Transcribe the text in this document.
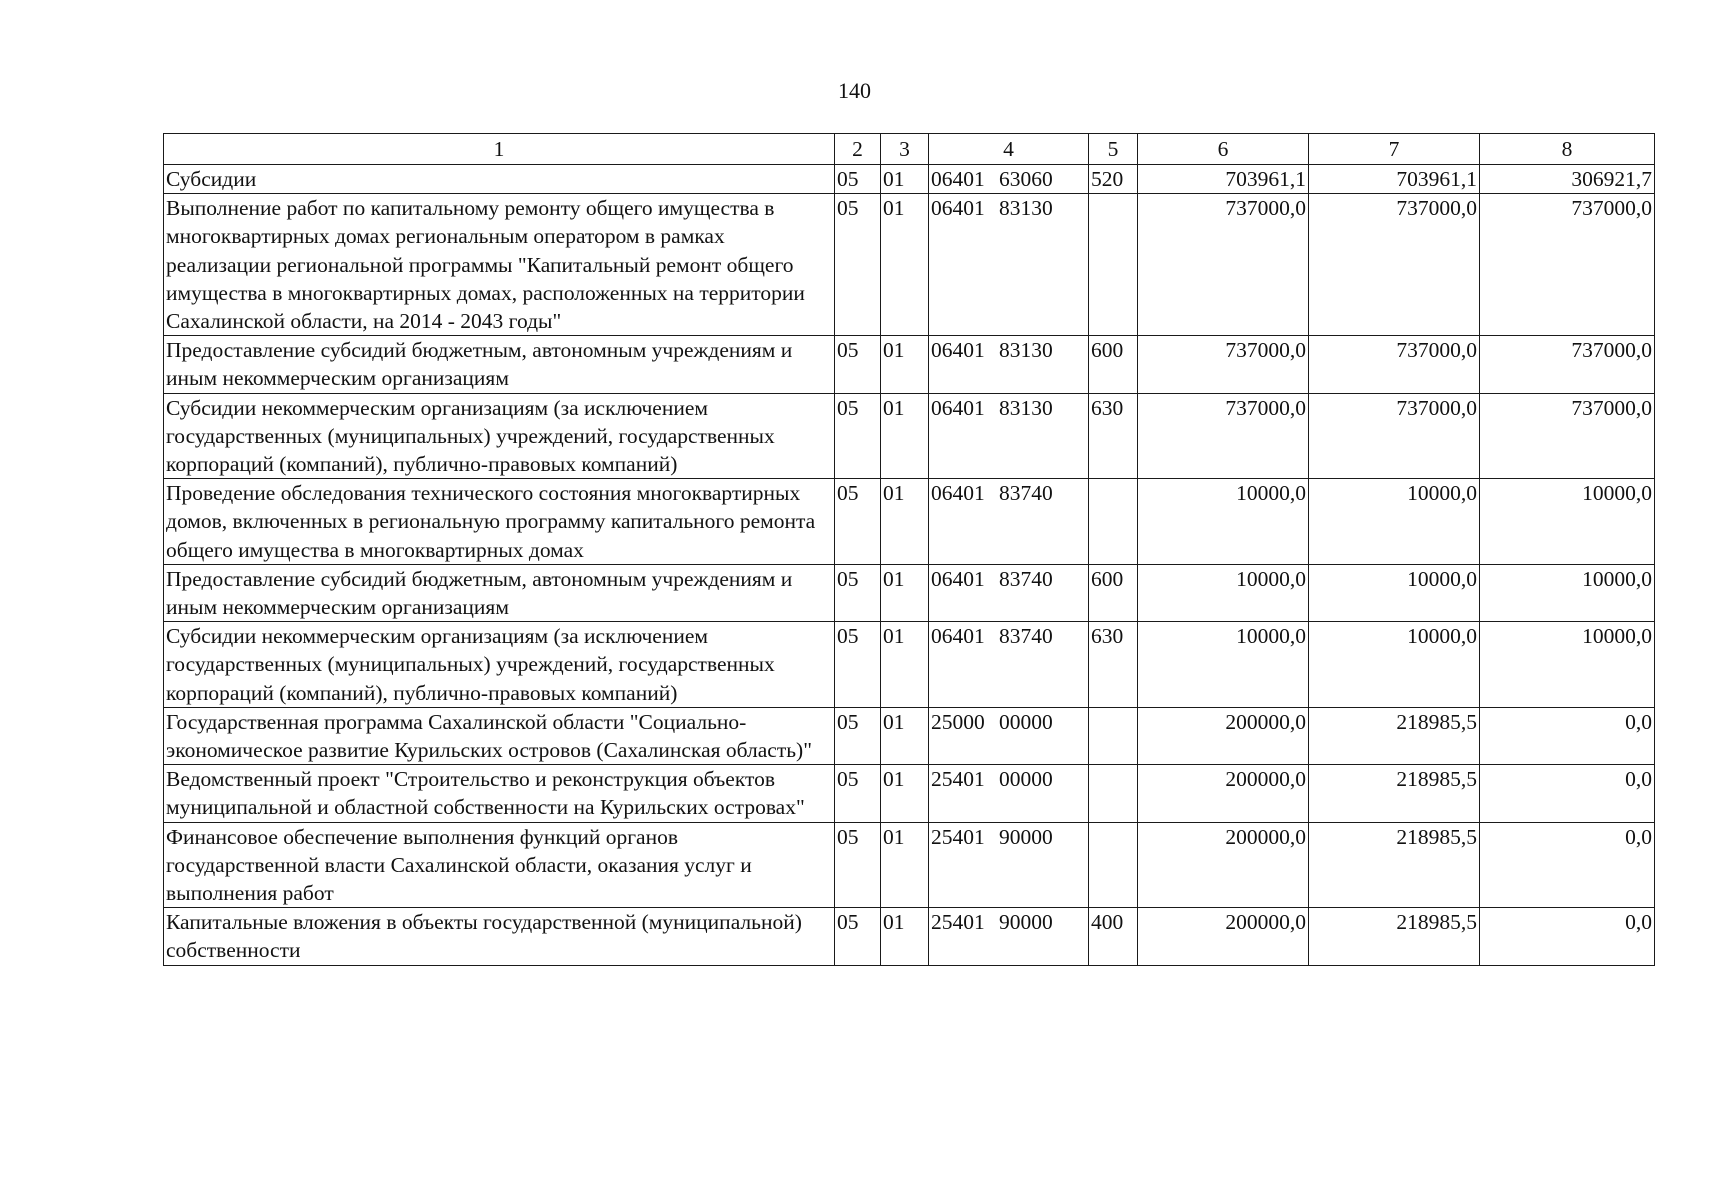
140
1	2	3	4	5	6	7	8
Субсидии	05	01	06401 63060	520	703961,1	703961,1	306921,7
Выполнение работ по капитальному ремонту общего имущества в многоквартирных домах региональным оператором в рамках реализации региональной программы "Капитальный ремонт общего имущества в многоквартирных домах, расположенных на территории Сахалинской области, на 2014 - 2043 годы"	05	01	06401 83130		737000,0	737000,0	737000,0
Предоставление субсидий бюджетным, автономным учреждениям и иным некоммерческим организациям	05	01	06401 83130	600	737000,0	737000,0	737000,0
Субсидии некоммерческим организациям (за исключением государственных (муниципальных) учреждений, государственных корпораций (компаний), публично-правовых компаний)	05	01	06401 83130	630	737000,0	737000,0	737000,0
Проведение обследования технического состояния многоквартирных домов, включенных в региональную программу капитального ремонта общего имущества в многоквартирных домах	05	01	06401 83740		10000,0	10000,0	10000,0
Предоставление субсидий бюджетным, автономным учреждениям и иным некоммерческим организациям	05	01	06401 83740	600	10000,0	10000,0	10000,0
Субсидии некоммерческим организациям (за исключением государственных (муниципальных) учреждений, государственных корпораций (компаний), публично-правовых компаний)	05	01	06401 83740	630	10000,0	10000,0	10000,0
Государственная программа Сахалинской области "Социально-экономическое развитие Курильских островов (Сахалинская область)"	05	01	25000 00000		200000,0	218985,5	0,0
Ведомственный проект "Строительство и реконструкция объектов муниципальной и областной собственности на Курильских островах"	05	01	25401 00000		200000,0	218985,5	0,0
Финансовое обеспечение выполнения функций органов государственной власти Сахалинской области, оказания услуг и выполнения работ	05	01	25401 90000		200000,0	218985,5	0,0
Капитальные вложения в объекты государственной (муниципальной) собственности	05	01	25401 90000	400	200000,0	218985,5	0,0
